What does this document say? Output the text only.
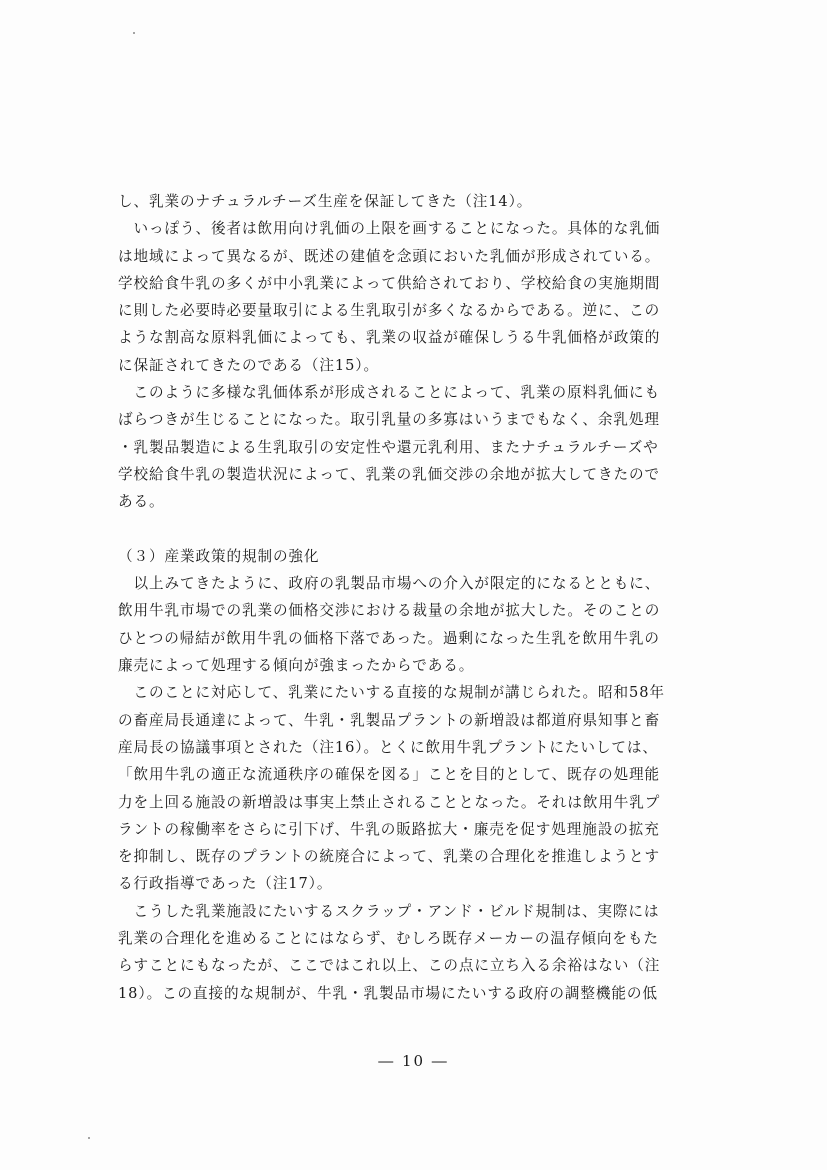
し、乳業のナチュラルチーズ生産を保証してきた（注14）。
　いっぽう、後者は飲用向け乳価の上限を画することになった。具体的な乳価
は地域によって異なるが、既述の建値を念頭においた乳価が形成されている。
学校給食牛乳の多くが中小乳業によって供給されており、学校給食の実施期間
に則した必要時必要量取引による生乳取引が多くなるからである。逆に、この
ような割高な原料乳価によっても、乳業の収益が確保しうる牛乳価格が政策的
に保証されてきたのである（注15）。
　このように多様な乳価体系が形成されることによって、乳業の原料乳価にも
ばらつきが生じることになった。取引乳量の多寡はいうまでもなく、余乳処理
・乳製品製造による生乳取引の安定性や還元乳利用、またナチュラルチーズや
学校給食牛乳の製造状況によって、乳業の乳価交渉の余地が拡大してきたので
ある。
（３）産業政策的規制の強化
　以上みてきたように、政府の乳製品市場への介入が限定的になるとともに、
飲用牛乳市場での乳業の価格交渉における裁量の余地が拡大した。そのことの
ひとつの帰結が飲用牛乳の価格下落であった。過剰になった生乳を飲用牛乳の
廉売によって処理する傾向が強まったからである。
　このことに対応して、乳業にたいする直接的な規制が講じられた。昭和58年
の畜産局長通達によって、牛乳・乳製品プラントの新増設は都道府県知事と畜
産局長の協議事項とされた（注16）。とくに飲用牛乳プラントにたいしては、
「飲用牛乳の適正な流通秩序の確保を図る」ことを目的として、既存の処理能
力を上回る施設の新増設は事実上禁止されることとなった。それは飲用牛乳プ
ラントの稼働率をさらに引下げ、牛乳の販路拡大・廉売を促す処理施設の拡充
を抑制し、既存のプラントの統廃合によって、乳業の合理化を推進しようとす
る行政指導であった（注17）。
　こうした乳業施設にたいするスクラップ・アンド・ビルド規制は、実際には
乳業の合理化を進めることにはならず、むしろ既存メーカーの温存傾向をもた
らすことにもなったが、ここではこれ以上、この点に立ち入る余裕はない（注
18）。この直接的な規制が、牛乳・乳製品市場にたいする政府の調整機能の低
― 10 ―
